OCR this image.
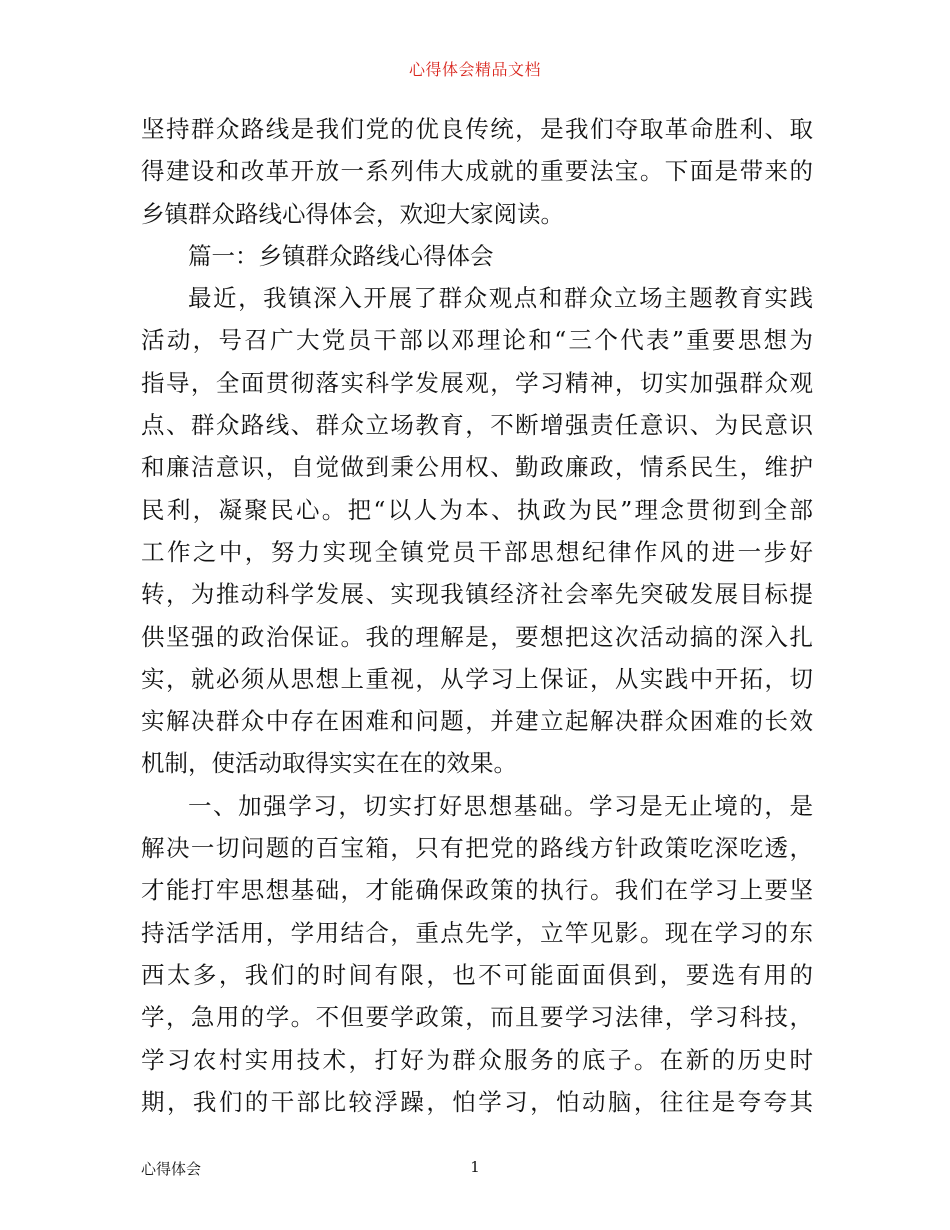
心得体会精品文档
坚持群众路线是我们党的优良传统，是我们夺取革命胜利、取
得建设和改革开放一系列伟大成就的重要法宝。下面是带来的
乡镇群众路线心得体会，欢迎大家阅读。
篇一：乡镇群众路线心得体会
最近，我镇深入开展了群众观点和群众立场主题教育实践
活动，号召广大党员干部以邓理论和“三个代表”重要思想为
指导，全面贯彻落实科学发展观，学习精神，切实加强群众观
点、群众路线、群众立场教育，不断增强责任意识、为民意识
和廉洁意识，自觉做到秉公用权、勤政廉政，情系民生，维护
民利，凝聚民心。把“以人为本、执政为民”理念贯彻到全部
工作之中，努力实现全镇党员干部思想纪律作风的进一步好
转，为推动科学发展、实现我镇经济社会率先突破发展目标提
供坚强的政治保证。我的理解是，要想把这次活动搞的深入扎
实，就必须从思想上重视，从学习上保证，从实践中开拓，切
实解决群众中存在困难和问题，并建立起解决群众困难的长效
机制，使活动取得实实在在的效果。
一、加强学习，切实打好思想基础。学习是无止境的，是
解决一切问题的百宝箱，只有把党的路线方针政策吃深吃透，
才能打牢思想基础，才能确保政策的执行。我们在学习上要坚
持活学活用，学用结合，重点先学，立竿见影。现在学习的东
西太多，我们的时间有限，也不可能面面俱到，要选有用的
学，急用的学。不但要学政策，而且要学习法律，学习科技，
学习农村实用技术，打好为群众服务的底子。在新的历史时
期，我们的干部比较浮躁，怕学习，怕动脑，往往是夸夸其
心得体会	1
